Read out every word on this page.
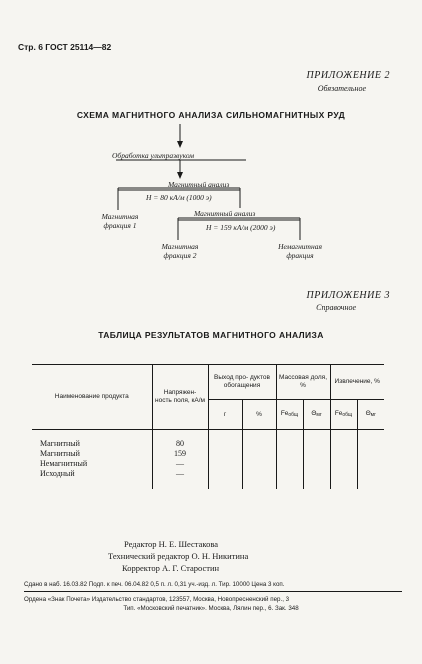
Стр. 6 ГОСТ 25114—82
ПРИЛОЖЕНИЕ 2
Обязательное
СХЕМА МАГНИТНОГО АНАЛИЗА СИЛЬНОМАГНИТНЫХ РУД
Обработка ультразвуком
Магнитный анализ
H = 80 кА/м (1000 э)
Магнитная
фракция 1
Магнитный анализ
H = 159 кА/м (2000 э)
Магнитная
фракция 2
Немагнитная
фракция
ПРИЛОЖЕНИЕ 3
Справочное
ТАБЛИЦА РЕЗУЛЬТАТОВ МАГНИТНОГО АНАЛИЗА
Наименование продукта	Напряжен- ность поля, кА/м	Выход про- дуктов обогащения		Массовая доля, %		Извлечение, %	
		г	%	$Fe_{общ}$	$\Theta_{мг}$	$Fe_{общ}$	$\Theta_{мг}$

Магнитный	80						
Магнитный	159						
Немагнитный	—						
Исходный	—						

Редактор Н. Е. Шестакова
Технический редактор О. Н. Никитина
Корректор А. Г. Старостин
Сдано в наб. 16.03.82 Подп. к печ. 06.04.82 0,5 п. л. 0,31 уч.-изд. л. Тир. 10000 Цена 3 коп.
Ордена «Знак Почета» Издательство стандартов, 123557, Москва, Новопресненский пер., 3
Тип. «Московский печатник». Москва, Лялин пер., 6. Зак. 348
